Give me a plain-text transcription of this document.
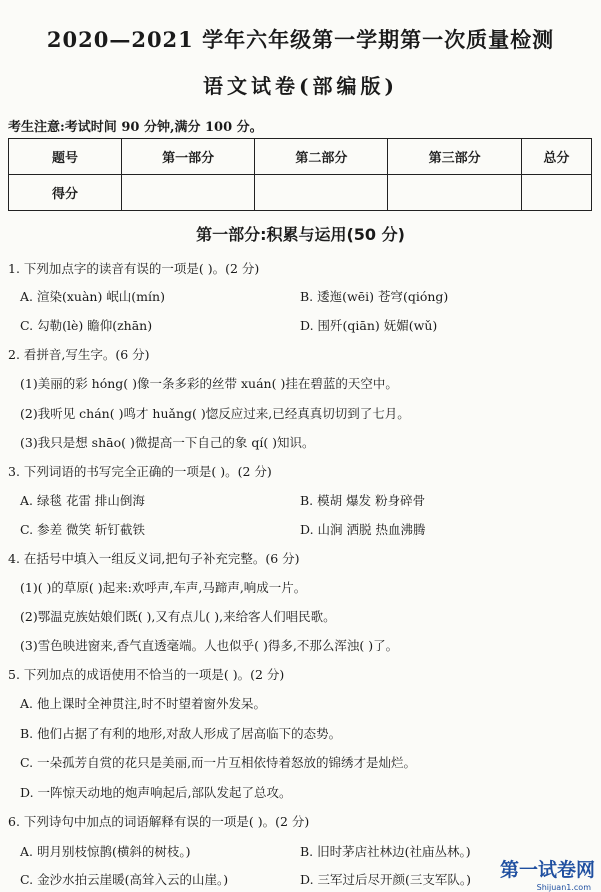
2020—2021 学年六年级第一学期第一次质量检测
语文试卷(部编版)
考生注意:考试时间 90 分钟,满分 100 分。
题号	第一部分	第二部分	第三部分	总分
得分				
第一部分:积累与运用(50 分)
1. 下列加点字的读音有误的一项是( )。(2 分)
A. 渲染(xuàn) 岷山(mín)	B. 逶迤(wēi) 苍穹(qióng)
C. 勾勒(lè) 瞻仰(zhān)	D. 围歼(qiān) 妩媚(wǔ)
2. 看拼音,写生字。(6 分)
(1)美丽的彩 hóng( )像一条多彩的丝带 xuán( )挂在碧蓝的天空中。
(2)我听见 chán( )鸣才 huǎng( )惚反应过来,已经真真切切到了七月。
(3)我只是想 shāo( )微提高一下自己的象 qí( )知识。
3. 下列词语的书写完全正确的一项是( )。(2 分)
A. 绿毯 花雷 排山倒海	B. 模胡 爆发 粉身碎骨
C. 参差 微笑 斩钉截铁	D. 山涧 洒脱 热血沸腾
4. 在括号中填入一组反义词,把句子补充完整。(6 分)
(1)( )的草原( )起来:欢呼声,车声,马蹄声,响成一片。
(2)鄂温克族姑娘们既( ),又有点儿( ),来给客人们唱民歌。
(3)雪色映进窗来,香气直透毫端。人也似乎( )得多,不那么浑浊( )了。
5. 下列加点的成语使用不恰当的一项是( )。(2 分)
A. 他上课时全神贯注,时不时望着窗外发呆。
B. 他们占据了有利的地形,对敌人形成了居高临下的态势。
C. 一朵孤芳自赏的花只是美丽,而一片互相依恃着怒放的锦绣才是灿烂。
D. 一阵惊天动地的炮声响起后,部队发起了总攻。
6. 下列诗句中加点的词语解释有误的一项是( )。(2 分)
A. 明月别枝惊鹊(横斜的树枝。)	B. 旧时茅店社林边(社庙丛林。)
C. 金沙水拍云崖暖(高耸入云的山崖。)	D. 三军过后尽开颜(三支军队。) 第一试卷网
Shijuan1.com
